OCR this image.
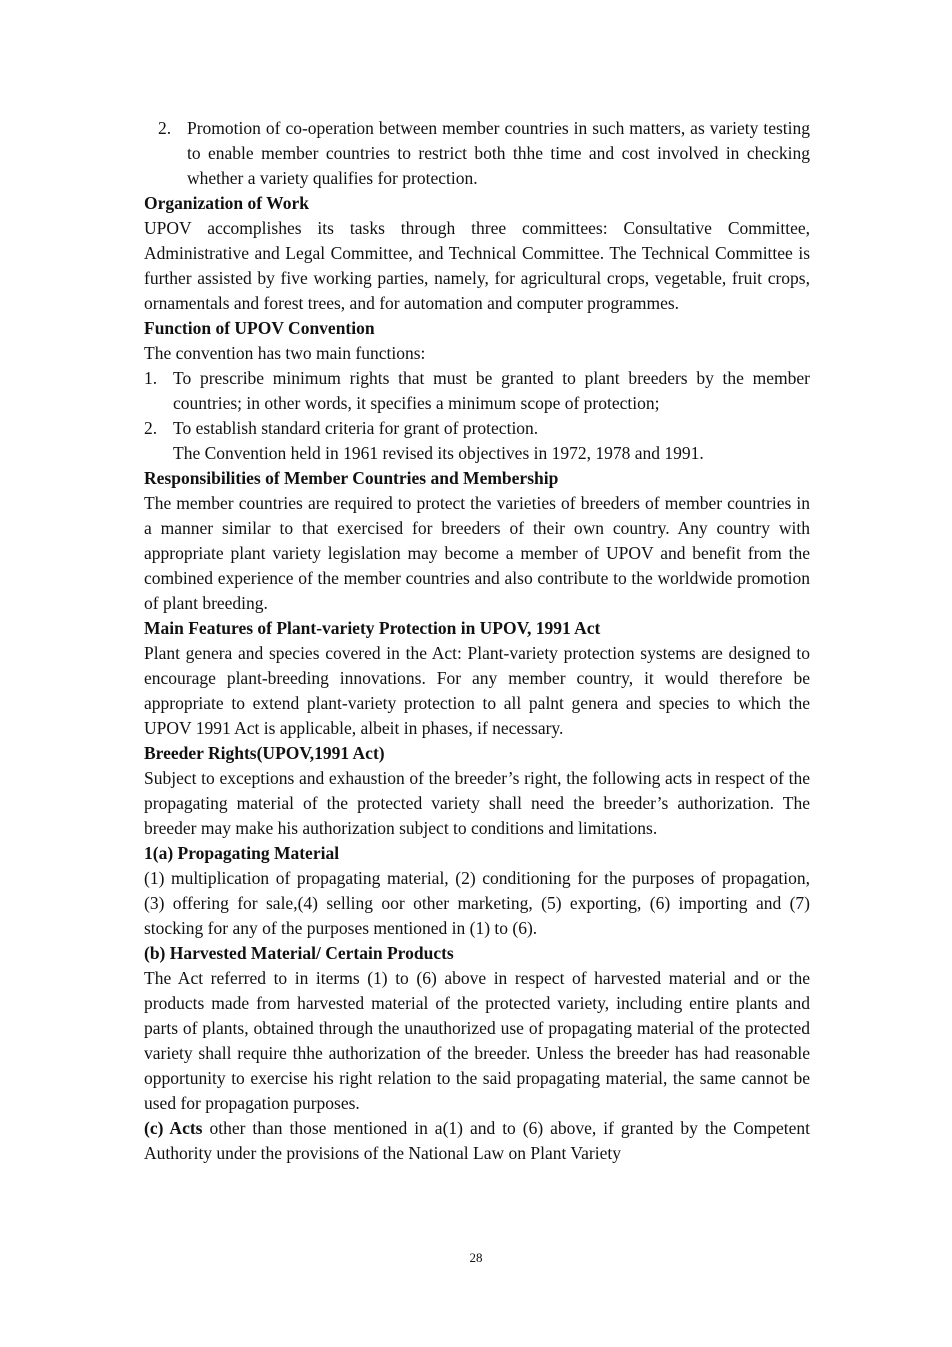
2. Promotion of co-operation between member countries in such matters, as variety testing to enable member countries to restrict both thhe time and cost involved in checking whether a variety qualifies for protection.

Organization of Work

UPOV accomplishes its tasks through three committees: Consultative Committee, Administrative and Legal Committee, and Technical Committee. The Technical Committee is further assisted by five working parties, namely, for agricultural crops, vegetable, fruit crops, ornamentals and forest trees, and for automation and computer programmes.

Function of UPOV Convention

The convention has two main functions:

1. To prescribe minimum rights that must be granted to plant breeders by the member countries; in other words, it specifies a minimum scope of protection;
2. To establish standard criteria for grant of protection.

The Convention held in 1961 revised its objectives in 1972, 1978 and 1991.

Responsibilities of Member Countries and Membership

The member countries are required to protect the varieties of breeders of member countries in a manner similar to that exercised for breeders of their own country. Any country with appropriate plant variety legislation may become a member of UPOV and benefit from the combined experience of the member countries and also contribute to the worldwide promotion of plant breeding.

Main Features of Plant-variety Protection in UPOV, 1991 Act

Plant genera and species covered in the Act: Plant-variety protection systems are designed to encourage plant-breeding innovations. For any member country, it would therefore be appropriate to extend plant-variety protection to all palnt genera and species to which the UPOV 1991 Act is applicable, albeit in phases, if necessary.

Breeder Rights(UPOV,1991 Act)

Subject to exceptions and exhaustion of the breeder’s right, the following acts in respect of the propagating material of the protected variety shall need the breeder’s authorization. The breeder may make his authorization subject to conditions and limitations.

1(a) Propagating Material

(1) multiplication of propagating material, (2) conditioning for the purposes of propagation, (3) offering for sale,(4) selling oor other marketing, (5) exporting, (6) importing and (7) stocking for any of the purposes mentioned in (1) to (6).

(b) Harvested Material/ Certain Products

The Act referred to in iterms (1) to (6) above in respect of harvested material and or the products made from harvested material of the protected variety, including entire plants and parts of plants, obtained through the unauthorized use of propagating material of the protected variety shall require thhe authorization of the breeder. Unless the breeder has had reasonable opportunity to exercise his right relation to the said propagating material, the same cannot be used for propagation purposes.

(c) Acts other than those mentioned in a(1) and to (6) above, if granted by the Competent Authority under the provisions of the National Law on Plant Variety

28
